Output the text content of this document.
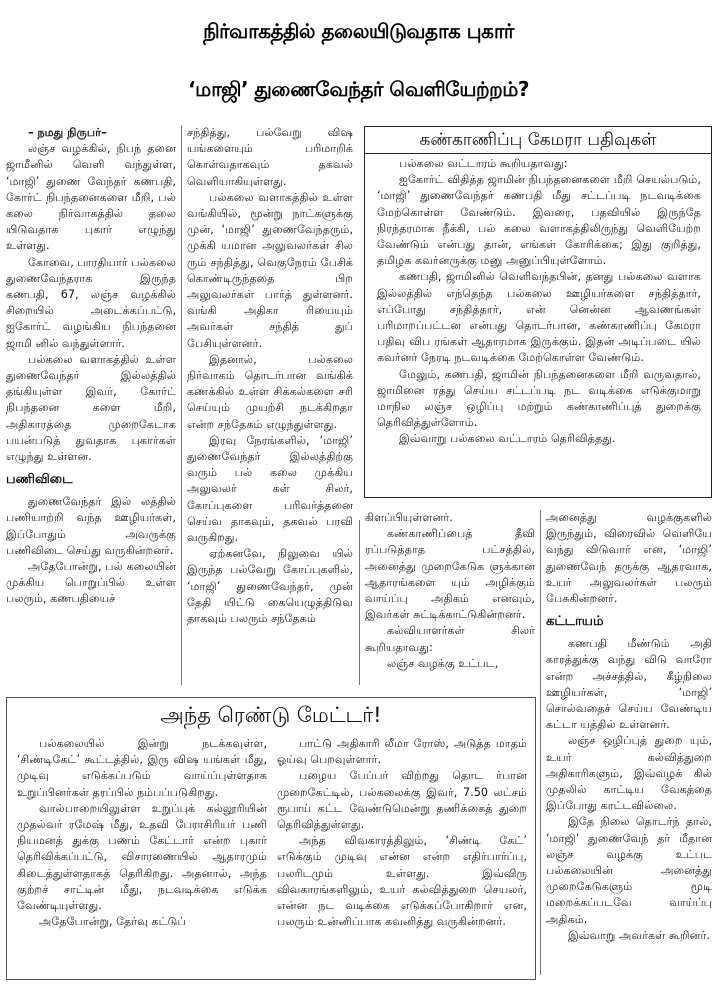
நிர்வாகத்தில் தலையிடுவதாக புகார்
‘மாஜி’ துணைவேந்தர் வெளியேற்றம்?

– நமது நிருபர்–

லஞ்ச வழக்கில், நிபந் தனை ஜாமீனில் வெளி வந்துள்ள, ‘மாஜி’ துணை வேந்தர் கணபதி, கோர்ட் நிபந்தனைகளை மீறி, பல் கலை நிர்வாகத்தில் தலை யிடுவதாக புகார் எழுந்து உள்ளது.

கோவை, பாரதியார் பல்கலை துணைவேந்தராக இருந்த கணபதி, 67, லஞ்ச வழக்கில் சிறையில் அடைக்கப்பட்டு, ஐகோர்ட் வழங்கிய நிபந்தனை ஜாமி னில் வந்துள்ளார்.

பல்கலை வளாகத்தில் உள்ள துணைவேந்தர் இல்லத்தில் தங்கியுள்ள இவர், கோர்ட் நிபந்தனை களை மீறி, அதிகாரத்தை முறைகேடாக பயன்படுத் துவதாக புகார்கள் எழுந்து உள்ளன.

பணிவிடை

துணைவேந்தர் இல் லத்தில் பணியாற்றி வந்த ஊழியர்கள், இப்போதும் அவருக்கு பணிவிடை செய்து வருகின்றனர்.

அதேபோன்று, பல் கலையின் முக்கிய பொறுப்பில் உள்ள பலரும், கணபதியைச்

சந்தித்து, பல்வேறு விஷ யங்களையும் பரிமாறிக் கொள்வதாகவும் தகவல் வெளியாகியுள்ளது.

பல்கலை வளாகத்தில் உள்ள வங்கியில், மூன்று நாட்களுக்கு முன், ‘மாஜி’ துணைவேந்தரும், முக்கி யமான அலுவலர்கள் சில ரும் சந்தித்து, வெகுநேரம் பேசிக் கொண்டிருந்ததை பிற அலுவலர்கள் பார்த் துள்ளனர். வங்கி அதிகா ரியையும் அவர்கள் சந்தித் துப் பேசியுள்ளனர்.

இதனால், பல்கலை நிர்வாகம் தொடர்பான வங்கிக் கணக்கில் உள்ள சிக்கல்களை சரி செய்யும் முயற்சி நடக்கிறதா என்ற சந்தேகம் எழுந்துள்ளது.

இரவு நேரங்களில், ‘மாஜி’ துணைவேந்தர் இல்லத்திற்கு வரும் பல் கலை முக்கிய அலுவலர் கள் சிலர், கோப்புகளை பரிவர்த்தனை செய்வ தாகவும், தகவல் பரவி வருகிறது.

ஏற்கனவே, நிலுவை யில் இருந்த பல்வேறு கோப்புகளில், ‘மாஜி’ துணைவேந்தர், முன் தேதி யிட்டு கையெழுத்திடுவ தாகவும் பலரும் சந்தேகம்

கண்காணிப்பு கேமரா பதிவுகள்

பல்கலை வட்டாரம் கூறியதாவது:

ஐகோர்ட் விதித்த ஜாமின் நிபந்தனைகளை மீறி செயல்படும், ‘மாஜி’ துணைவேந்தர் கணபதி மீது சட்டப்படி நடவடிக்கை மேற்கொள்ள வேண்டும். இவரை, பதவியில் இருந்தே நிரந்தரமாக நீக்கி, பல் கலை வளாகத்திலிருந்து வெளியேற்ற வேண்டும் என்பது தான், எங்கள் கோரிக்கை; இது குறித்து, தமிழக கவர்னருக்கு மனு அனுப்பியுள்ளோம்.

கணபதி, ஜாமினில் வெளிவந்தபின், தனது பல்கலை வளாக இல்லத்தில் எந்தெந்த பல்கலை ஊழியர்களை சந்தித்தார், எப்போது சந்தித்தார், என் னென்ன ஆவணங்கள் பரிமாறப்பட்டன என்பது தொடர்பான, கண்காணிப்பு கேமரா பதிவு விப ரங்கள் ஆதாரமாக இருக்கும். இதன் அடிப்படை யில் கவர்னர் நேரடி நடவடிக்கை மேற்கொள்ள வேண்டும்.

மேலும், கணபதி, ஜாமின் நிபந்தனைகளை மீறி வருவதால், ஜாமினை ரத்து செய்ய சட்டப்படி நட வடிக்கை எடுக்குமாறு மாநில லஞ்ச ஒழிப்பு மற்றும் கண்காணிப்புத் துறைக்கு தெரிவித்துள்ளோம்.

இவ்வாறு பல்கலை வட்டாரம் தெரிவித்தது.

கிளப்பியுள்ளனர்.

கண்காணிப்பைத் தீவி ரப்படுத்தாத பட்சத்தில், அனைத்து முறைகேடுக ளுக்கான ஆதாரங்களை யும் அழிக்கும் வாய்ப்பு அதிகம் எனவும், இவர்கள் சுட்டிக்காட்டுகின்றனர்.

கல்வியாளர்கள் சிலர் கூறியதாவது:

லஞ்ச வழக்கு உட்பட,

அனைத்து வழக்குகளில் இருந்தும், விரைவில் வெளியே வந்து விடுவார் என, ‘மாஜி’ துணைவேந் தருக்கு ஆதரவாக, உயர் அலுவலர்கள் பலரும் பேசுகின்றனர்.

கட்டாயம்

கணபதி மீண்டும் அதி காரத்துக்கு வந்து விடு வாரோ என்ற அச்சத்தில், கீழ்நிலை ஊழியர்கள், ‘மாஜி’ சொல்வதைச் செய்ய வேண்டிய கட்டா யத்தில் உள்ளனர்.

லஞ்ச ஒழிப்புத் துறை யும், உயர் கல்வித்துறை அதிகாரிகளும், இவ்வழக் கில் முதலில் காட்டிய வேகத்தை இப்போது காட்டவில்லை.

இதே நிலை தொடர்ந் தால், ‘மாஜி’ துணைவேந் தர் மீதான லஞ்ச வழக்கு உட்பட பல்கலையின் அனைத்து முறைகேடுகளும் மூடி மறைக்கப்படவே வாய்ப்பு அதிகம்.

இவ்வாறு அவர்கள் கூறினர்.

அந்த ரெண்டு மேட்டர்!

பல்கலையில் இன்று நடக்கவுள்ள, ‘சிண்டிகேட்’ கூட்டத்தில், இரு விஷ யங்கள் மீது, முடிவு எடுக்கப்படும் வாய்ப்புள்ளதாக உறுப்பினர்கள் தரப்பில் நம்பப்படுகிறது.

வால்பாறையிலுள்ள உறுப்புக் கல்லூரியின் முதல்வர் ரமேஷ் மீது, உதவி பேராசிரியர் பணி நியமனத் துக்கு பணம் கேட்டார் என்ற புகார் தெரிவிக்கப்பட்டு, விசாரணையில் ஆதாரமும் கிடைத்துள்ளதாகத் தெரிகிறது. அதனால், அந்த குற்றச் சாட்டின் மீது, நடவடிக்கை எடுக்க வேண்டியுள்ளது.

அதேபோன்று, தேர்வு கட்டுப்

பாட்டு அதிகாரி லீமா ரோஸ், அடுத்த மாதம் ஓய்வு பெறவுள்ளார்.

பழைய பேப்பர் விற்றது தொட ர்பான முறைகேட்டில், பல்கலைக்கு இவர், 7.50 லட்சம் ரூபாய் கட்ட வேண்டுமென்று தணிக்கைத் துறை தெரிவித்துள்ளது.

அந்த விவகாரத்திலும், ‘சிண்டி கேட்’ எடுக்கும் முடிவு என்ன என்ற எதிர்பார்ப்பு, பலரிடமும் உள்ளது. இவ்விரு விவகாரங்களிலும், உயர் கல்வித்துறை செயலர், என்ன நட வடிக்கை எடுக்கப்போகிறார் என, பலரும் உன்னிப்பாக கவனித்து வருகின்றனர்.
